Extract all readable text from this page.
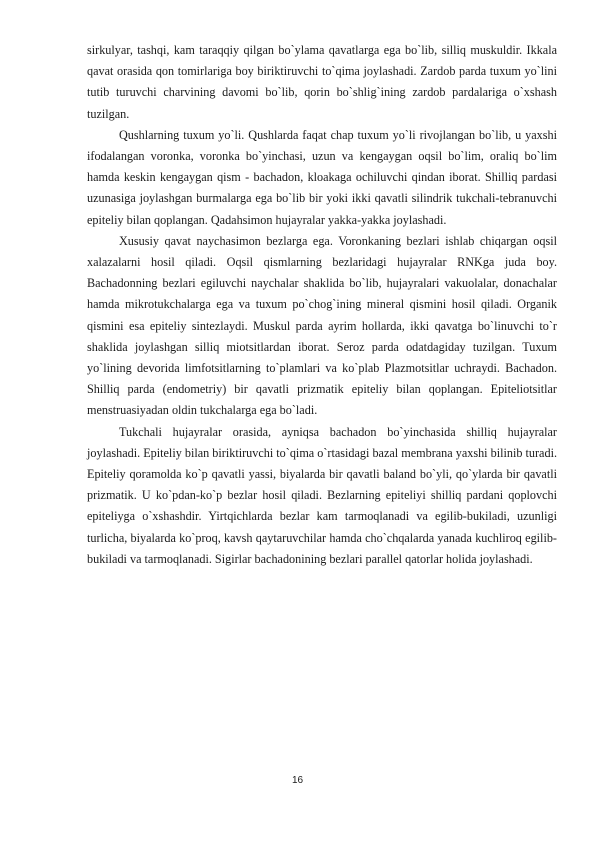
sirkulyar, tashqi, kam taraqqiy qilgan bo`ylama qavatlarga ega bo`lib, silliq muskuldir. Ikkala qavat orasida qon tomirlariga boy biriktiruvchi to`qima joylashadi. Zardob parda tuxum yo`lini tutib turuvchi charvining davomi bo`lib, qorin bo`shlig`ining zardob pardalariga o`xshash tuzilgan.

Qushlarning tuxum yo`li. Qushlarda faqat chap tuxum yo`li rivojlangan bo`lib, u yaxshi ifodalangan voronka, voronka bo`yinchasi, uzun va kengaygan oqsil bo`lim, oraliq bo`lim hamda keskin kengaygan qism - bachadon, kloakaga ochiluvchi qindan iborat. Shilliq pardasi uzunasiga joylashgan burmalarga ega bo`lib bir yoki ikki qavatli silindrik tukchali-tebranuvchi epiteliy bilan qoplangan. Qadahsimon hujayralar yakka-yakka joylashadi.

Xususiy qavat naychasimon bezlarga ega. Voronkaning bezlari ishlab chiqargan oqsil xalazalarni hosil qiladi. Oqsil qismlarning bezlaridagi hujayralar RNKga juda boy. Bachadonning bezlari egiluvchi naychalar shaklida bo`lib, hujayralari vakuolalar, donachalar hamda mikrotukchalarga ega va tuxum po`chog`ining mineral qismini hosil qiladi. Organik qismini esa epiteliy sintezlaydi. Muskul parda ayrim hollarda, ikki qavatga bo`linuvchi to`r shaklida joylashgan silliq miotsitlardan iborat. Seroz parda odatdagiday tuzilgan. Tuxum yo`lining devorida limfotsitlarning to`plamlari va ko`plab Plazmotsitlar uchraydi. Bachadon. Shilliq parda (endometriy) bir qavatli prizmatik epiteliy bilan qoplangan. Epiteliotsitlar menstruasiyadan oldin tukchalarga ega bo`ladi.

Tukchali hujayralar orasida, ayniqsa bachadon bo`yinchasida shilliq hujayralar joylashadi. Epiteliy bilan biriktiruvchi to`qima o`rtasidagi bazal membrana yaxshi bilinib turadi. Epiteliy qoramolda ko`p qavatli yassi, biyalarda bir qavatli baland bo`yli, qo`ylarda bir qavatli prizmatik. U ko`pdan-ko`p bezlar hosil qiladi. Bezlarning epiteliyi shilliq pardani qoplovchi epiteliyga o`xshashdir. Yirtqichlarda bezlar kam tarmoqlanadi va egilib-bukiladi, uzunligi turlicha, biyalarda ko`proq, kavsh qaytaruvchilar hamda cho`chqalarda yanada kuchliroq egilib-bukiladi va tarmoqlanadi. Sigirlar bachadonining bezlari parallel qatorlar holida joylashadi.

16
